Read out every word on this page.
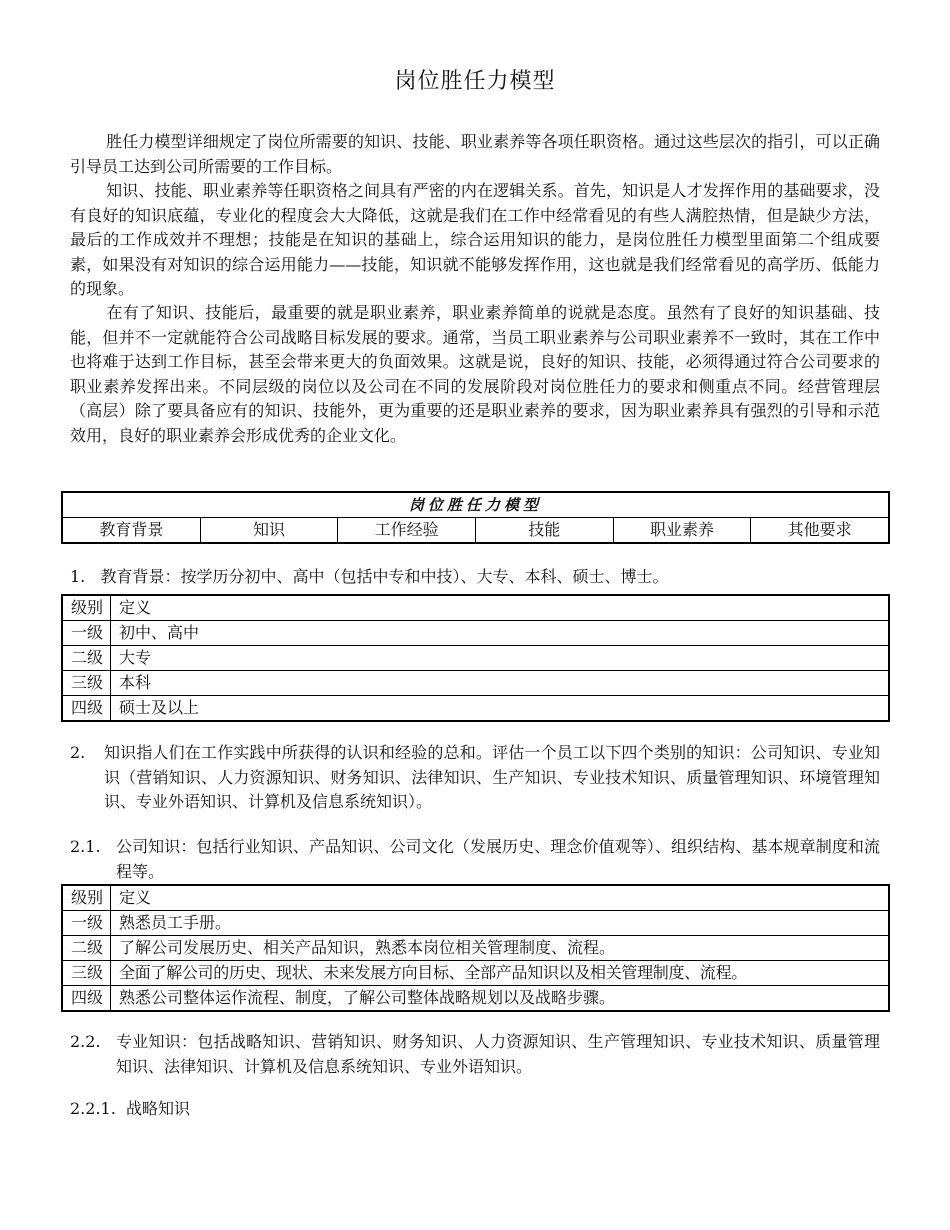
岗位胜任力模型

胜任力模型详细规定了岗位所需要的知识、技能、职业素养等各项任职资格。通过这些层次的指引，可以正确引导员工达到公司所需要的工作目标。

知识、技能、职业素养等任职资格之间具有严密的内在逻辑关系。首先，知识是人才发挥作用的基础要求，没有良好的知识底蕴，专业化的程度会大大降低，这就是我们在工作中经常看见的有些人满腔热情，但是缺少方法，最后的工作成效并不理想；技能是在知识的基础上，综合运用知识的能力，是岗位胜任力模型里面第二个组成要素，如果没有对知识的综合运用能力——技能，知识就不能够发挥作用，这也就是我们经常看见的高学历、低能力的现象。

在有了知识、技能后，最重要的就是职业素养，职业素养简单的说就是态度。虽然有了良好的知识基础、技能，但并不一定就能符合公司战略目标发展的要求。通常，当员工职业素养与公司职业素养不一致时，其在工作中也将难于达到工作目标，甚至会带来更大的负面效果。这就是说，良好的知识、技能，必须得通过符合公司要求的职业素养发挥出来。不同层级的岗位以及公司在不同的发展阶段对岗位胜任力的要求和侧重点不同。经营管理层（高层）除了要具备应有的知识、技能外，更为重要的还是职业素养的要求，因为职业素养具有强烈的引导和示范效用，良好的职业素养会形成优秀的企业文化。

岗位胜任力模型
教育背景	知识	工作经验	技能	职业素养	其他要求

1. 教育背景：按学历分初中、高中（包括中专和中技）、大专、本科、硕士、博士。

级别	定义
一级	初中、高中
二级	大专
三级	本科
四级	硕士及以上

2. 知识指人们在工作实践中所获得的认识和经验的总和。评估一个员工以下四个类别的知识：公司知识、专业知识（营销知识、人力资源知识、财务知识、法律知识、生产知识、专业技术知识、质量管理知识、环境管理知识、专业外语知识、计算机及信息系统知识）。

2.1. 公司知识：包括行业知识、产品知识、公司文化（发展历史、理念价值观等）、组织结构、基本规章制度和流程等。

级别	定义
一级	熟悉员工手册。
二级	了解公司发展历史、相关产品知识，熟悉本岗位相关管理制度、流程。
三级	全面了解公司的历史、现状、未来发展方向目标、全部产品知识以及相关管理制度、流程。
四级	熟悉公司整体运作流程、制度，了解公司整体战略规划以及战略步骤。

2.2. 专业知识：包括战略知识、营销知识、财务知识、人力资源知识、生产管理知识、专业技术知识、质量管理知识、法律知识、计算机及信息系统知识、专业外语知识。

2.2.1. 战略知识
